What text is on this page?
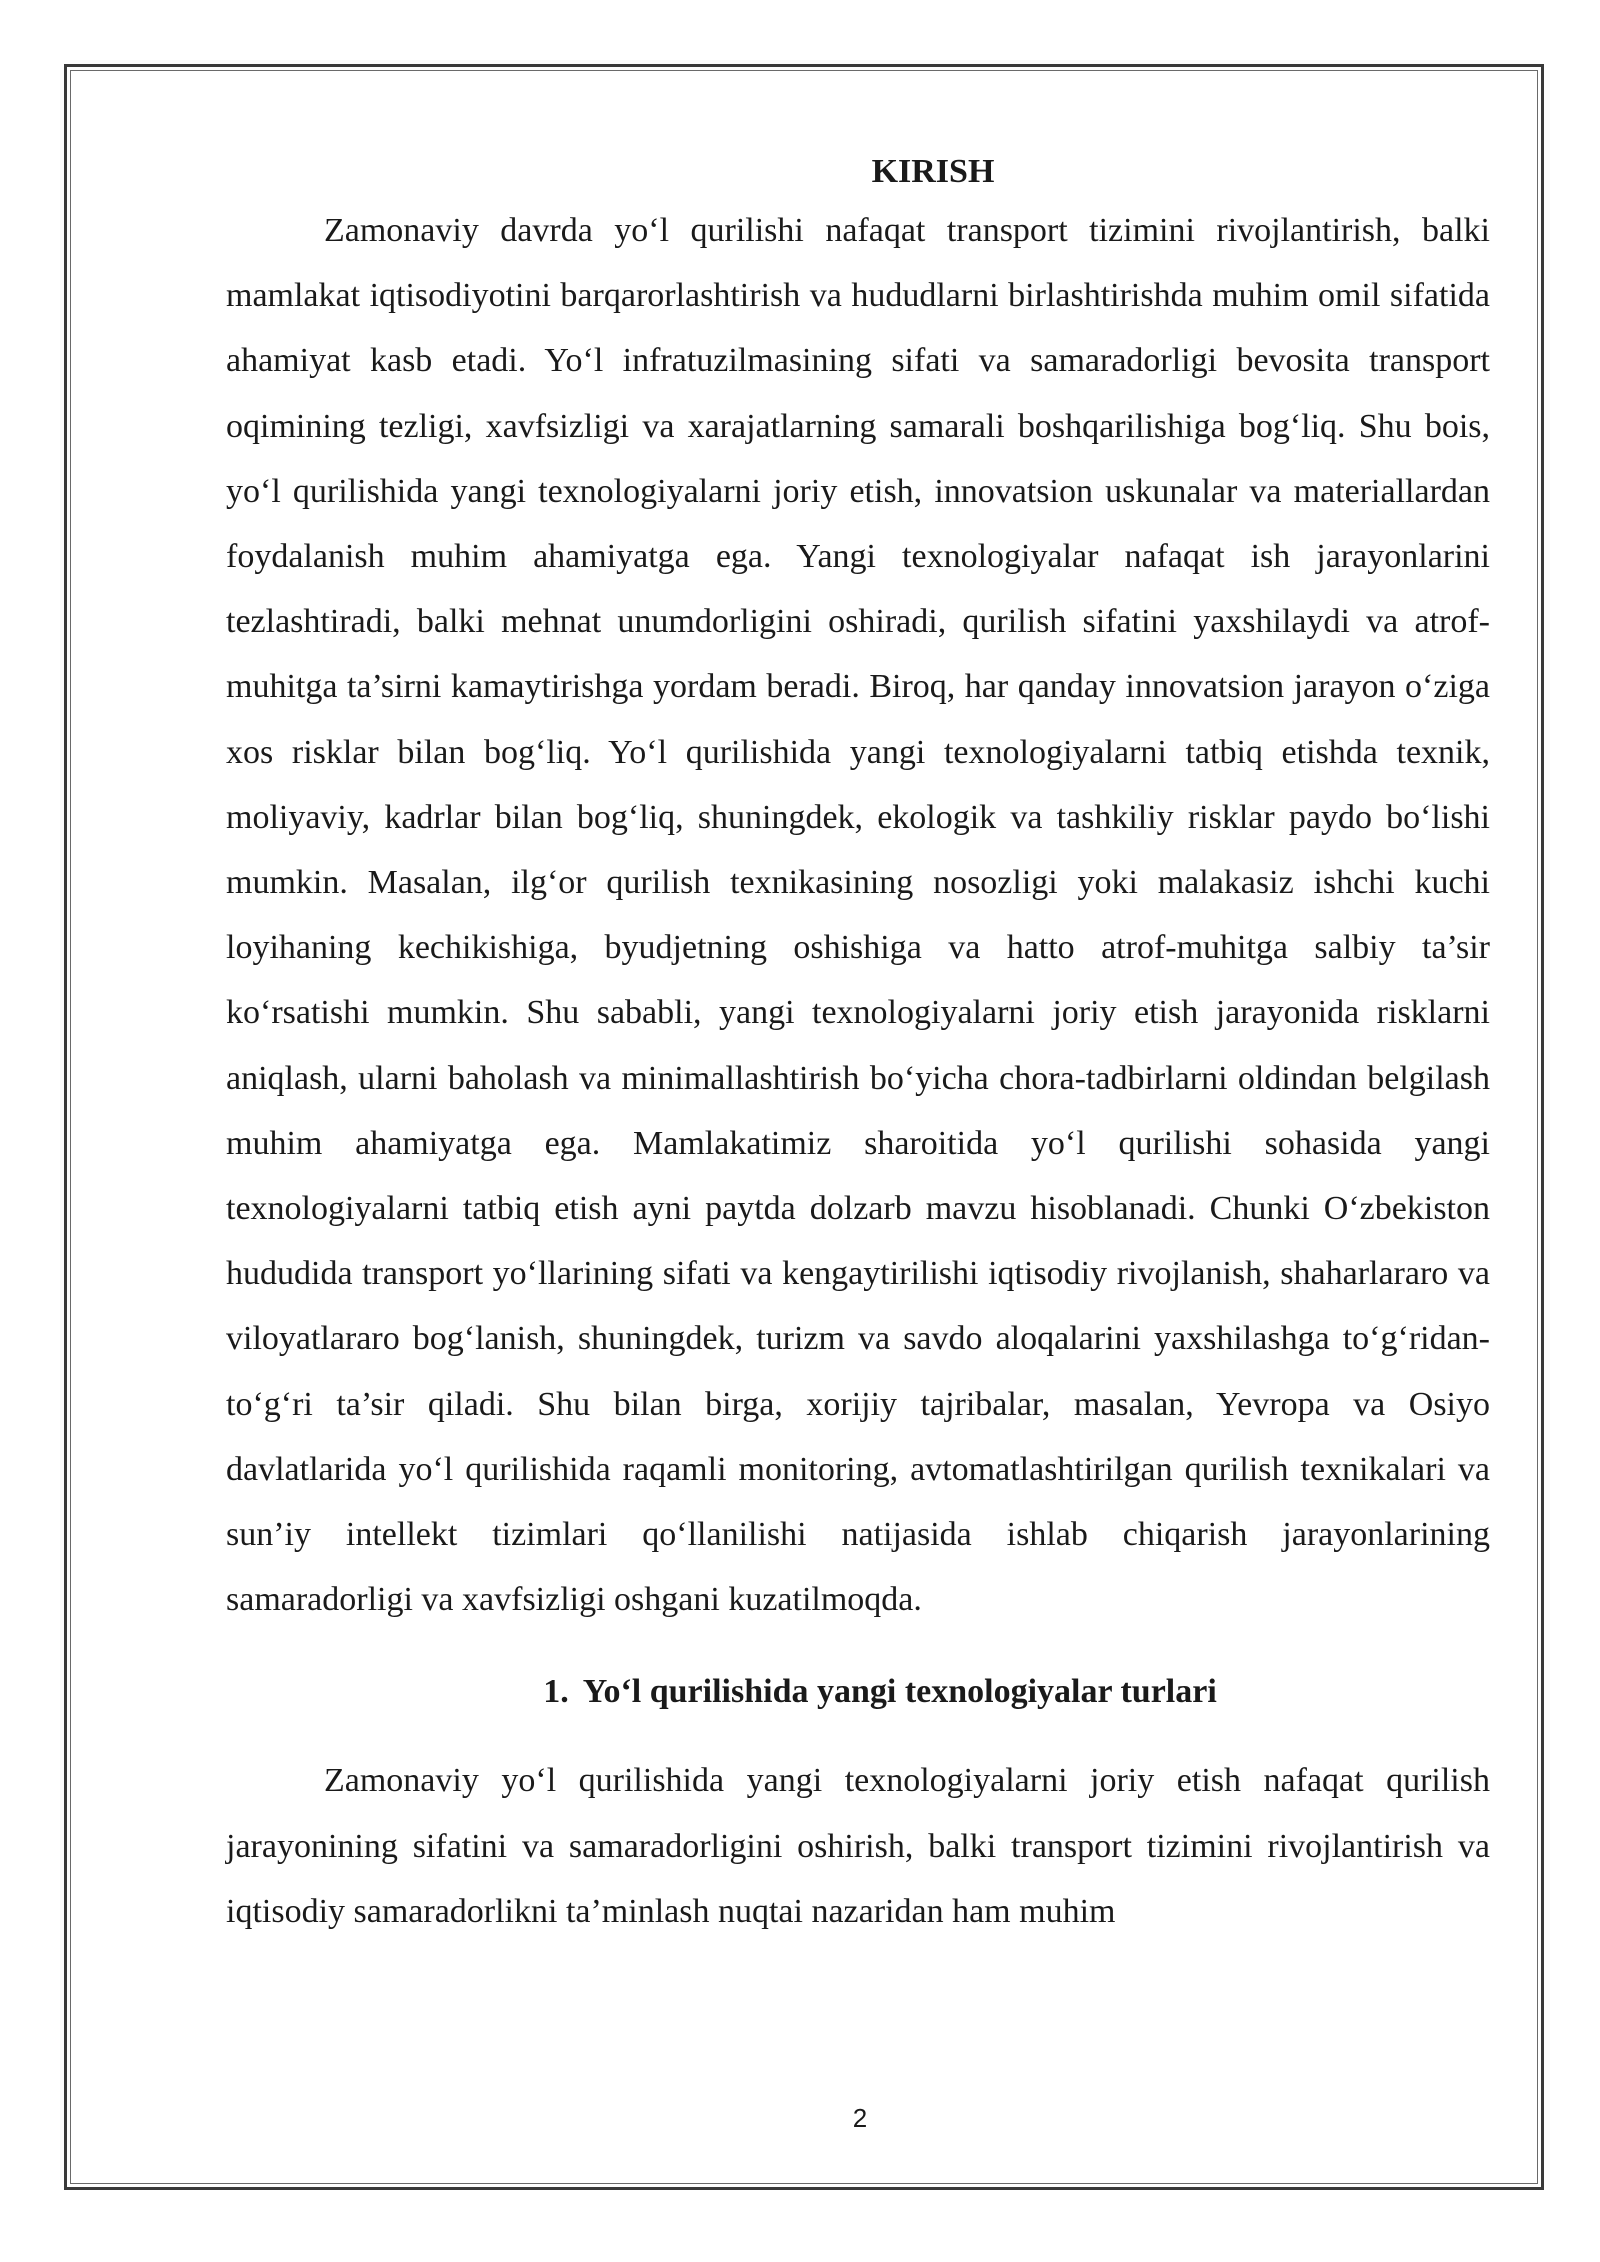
KIRISH

Zamonaviy davrda yo‘l qurilishi nafaqat transport tizimini rivojlantirish, balki mamlakat iqtisodiyotini barqarorlashtirish va hududlarni birlashtirishda muhim omil sifatida ahamiyat kasb etadi. Yo‘l infratuzilmasining sifati va samaradorligi bevosita transport oqimining tezligi, xavfsizligi va xarajatlarning samarali boshqarilishiga bog‘liq. Shu bois, yo‘l qurilishida yangi texnologiyalarni joriy etish, innovatsion uskunalar va materiallardan foydalanish muhim ahamiyatga ega. Yangi texnologiyalar nafaqat ish jarayonlarini tezlashtiradi, balki mehnat unumdorligini oshiradi, qurilish sifatini yaxshilaydi va atrof-muhitga ta’sirni kamaytirishga yordam beradi. Biroq, har qanday innovatsion jarayon o‘ziga xos risklar bilan bog‘liq. Yo‘l qurilishida yangi texnologiyalarni tatbiq etishda texnik, moliyaviy, kadrlar bilan bog‘liq, shuningdek, ekologik va tashkiliy risklar paydo bo‘lishi mumkin. Masalan, ilg‘or qurilish texnikasining nosozligi yoki malakasiz ishchi kuchi loyihaning kechikishiga, byudjetning oshishiga va hatto atrof-muhitga salbiy ta’sir ko‘rsatishi mumkin. Shu sababli, yangi texnologiyalarni joriy etish jarayonida risklarni aniqlash, ularni baholash va minimallashtirish bo‘yicha chora-tadbirlarni oldindan belgilash muhim ahamiyatga ega. Mamlakatimiz sharoitida yo‘l qurilishi sohasida yangi texnologiyalarni tatbiq etish ayni paytda dolzarb mavzu hisoblanadi. Chunki O‘zbekiston hududida transport yo‘llarining sifati va kengaytirilishi iqtisodiy rivojlanish, shaharlararo va viloyatlararo bog‘lanish, shuningdek, turizm va savdo aloqalarini yaxshilashga to‘g‘ridan-to‘g‘ri ta’sir qiladi. Shu bilan birga, xorijiy tajribalar, masalan, Yevropa va Osiyo davlatlarida yo‘l qurilishida raqamli monitoring, avtomatlashtirilgan qurilish texnikalari va sun’iy intellekt tizimlari qo‘llanilishi natijasida ishlab chiqarish jarayonlarining samaradorligi va xavfsizligi oshgani kuzatilmoqda.

1. Yo‘l qurilishida yangi texnologiyalar turlari

Zamonaviy yo‘l qurilishida yangi texnologiyalarni joriy etish nafaqat qurilish jarayonining sifatini va samaradorligini oshirish, balki transport tizimini rivojlantirish va iqtisodiy samaradorlikni ta’minlash nuqtai nazaridan ham muhim

2
